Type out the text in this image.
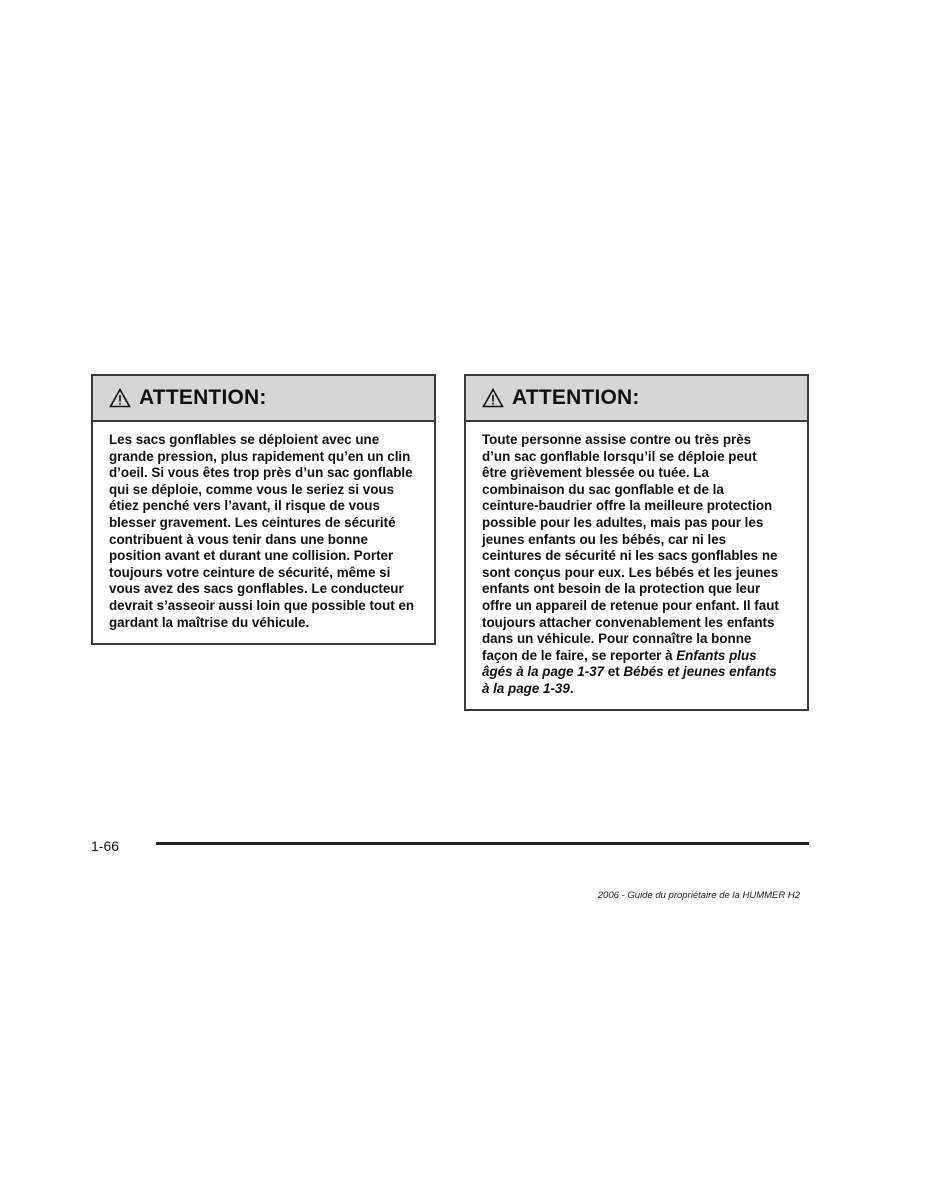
ATTENTION:
Les sacs gonflables se déploient avec une
grande pression, plus rapidement qu’en un clin
d’oeil. Si vous êtes trop près d’un sac gonflable
qui se déploie, comme vous le seriez si vous
étiez penché vers l’avant, il risque de vous
blesser gravement. Les ceintures de sécurité
contribuent à vous tenir dans une bonne
position avant et durant une collision. Porter
toujours votre ceinture de sécurité, même si
vous avez des sacs gonflables. Le conducteur
devrait s’asseoir aussi loin que possible tout en
gardant la maîtrise du véhicule.
ATTENTION:
Toute personne assise contre ou très près
d’un sac gonflable lorsqu’il se déploie peut
être grièvement blessée ou tuée. La
combinaison du sac gonflable et de la
ceinture-baudrier offre la meilleure protection
possible pour les adultes, mais pas pour les
jeunes enfants ou les bébés, car ni les
ceintures de sécurité ni les sacs gonflables ne
sont conçus pour eux. Les bébés et les jeunes
enfants ont besoin de la protection que leur
offre un appareil de retenue pour enfant. Il faut
toujours attacher convenablement les enfants
dans un véhicule. Pour connaître la bonne
façon de le faire, se reporter à Enfants plus
âgés à la page 1-37 et Bébés et jeunes enfants
à la page 1-39.
1-66
2006 - Guide du propriétaire de la HUMMER H2
